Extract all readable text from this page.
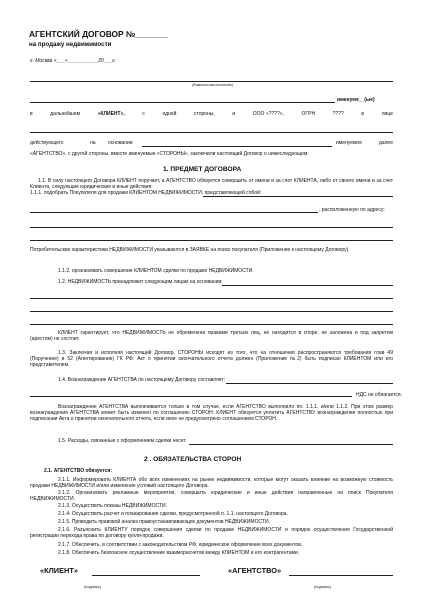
АГЕНТСКИЙ ДОГОВОР №_______
на продажу недвижимости
г. Москва «___»___________20___г.
(Фамилия имя отчество)
именуем__(ые)
в	дальнейшем	«КЛИЕНТ»,	с	одной	стороны,	и	ООО «????»,	ОГРН	????	в	лице
действующего	на основании	именуемое	далее
«АГЕНТСТВО», с другой стороны, вместе именуемые «СТОРОНЫ», заключили настоящий Договор о нижеследующем:
1. ПРЕДМЕТ ДОГОВОРА
1.1. В силу настоящего Договора КЛИЕНТ поручает, а АГЕНТСТВО обязуется совершить от имени и за счет КЛИЕНТА, либо от своего имени и за счет Клиента, следующие юридические и иные действия:
1.1.1. подобрать Покупателя для продажи КЛИЕНТОМ НЕДВИЖИМОСТИ, представляющей собой:
, расположенную по адресу:
Потребительские характеристики НЕДВИЖИМОСТИ указываются в ЗАЯВКЕ на поиск покупателя (Приложение к настоящему Договору).
1.1.2. организовать совершение КЛИЕНТОМ сделки по продаже НЕДВИЖИМОСТИ.
1.2. НЕДВИЖИМОСТЬ принадлежит следующим лицам на основании:
КЛИЕНТ гарантирует, что НЕДВИЖИМОСТЬ не обременена правами третьих лиц, не находится в споре, не заложена и под запретом (арестом) не состоит.
1.3. Заключая и исполняя настоящий Договор, СТОРОНЫ исходят из того, что на отношения распространяются требования глав 49 (Поручение) и 52 (Агентирование) ГК РФ. Акт о принятии окончательного отчета должен (Приложение №2) быть подписан КЛИЕНТОМ или его представителем.
1.4. Вознаграждение АГЕНТСТВА по настоящему Договору составляет:
НДС не облагается.
Вознаграждение АГЕНТСТВА выплачивается только в том случае, если АГЕНТСТВО выполнило пп. 1.1.1. и/или 1.1.2. При этом размер вознаграждения АГЕНТСТВА может быть изменен по соглашению СТОРОН. КЛИЕНТ обязуется уплатить АГЕНТСТВУ вознаграждение полностью при подписании Акта о принятии окончательного отчета, если иное не предусмотрено соглашением СТОРОН.
1.5. Расходы, связанные с оформлением сделки несет
2 . ОБЯЗАТЕЛЬСТВА СТОРОН
2.1. АГЕНТСТВО обязуется:
2.1.1. Информировать КЛИЕНТА обо всех изменениях на рынке недвижимости, которые могут оказать влияние на возможную стоимость продажи НЕДВИЖИМОСТИ и/или изменение условий настоящего Договора.
2.1.2. Организовать рекламные мероприятия, совершить юридические и иные действия направленные на поиск Покупателя НЕДВИЖИМОСТИ.
2.1.3. Осуществить показы НЕДВИЖИМОСТИ.
2.1.4. Осуществить расчет и планирование сделки, предусмотренной п. 1.1. настоящего Договора.
2.1.5. Проводить правовой анализ правоустанавливающих документов НЕДВИЖИМОСТИ.
2.1.6. Разъяснить КЛИЕНТУ порядок совершения сделки по продаже НЕДВИЖИМОСТИ и порядок осуществления Государственной регистрации перехода права по договору купли-продажи.
2.1.7. Обеспечить, в соответствии с законодательством РФ, юридическое оформление всех документов.
2.1.8. Обеспечить безопасное осуществление взаиморасчетов между КЛИЕНТОМ и его контрагентами.
«КЛИЕНТ»
(подпись)
«АГЕНТСТВО»
(подпись)
